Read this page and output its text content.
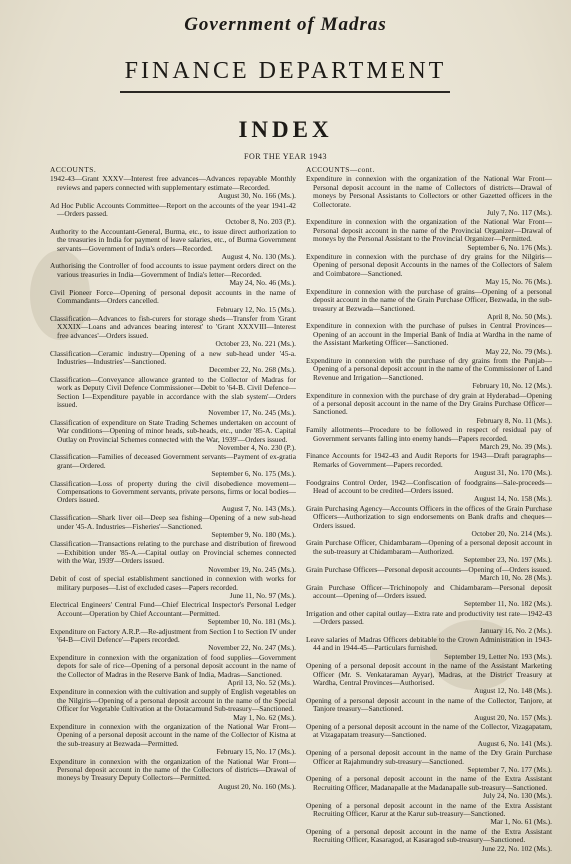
Government of Madras
FINANCE DEPARTMENT
INDEX
FOR THE YEAR 1943
ACCOUNTS.
1942-43—Grant XXXV—Interest free advances—Advances repayable Monthly reviews and papers connected with supplementary estimate—Recorded.
August 30, No. 166 (Ms.).
Ad Hoc Public Accounts Committee—Report on the accounts of the year 1941-42—Orders passed.
October 8, No. 203 (P.).
Authority to the Accountant-General, Burma, etc., to issue direct authorization to the treasuries in India for payment of leave salaries, etc., of Burma Government servants—Government of India's orders—Recorded.
August 4, No. 130 (Ms.).
Authorising the Controller of food accounts to issue payment orders direct on the various treasuries in India—Government of India's letter—Recorded.
May 24, No. 46 (Ms.).
Civil Pioneer Force—Opening of personal deposit accounts in the name of Commandants—Orders cancelled.
February 12, No. 15 (Ms.).
Classification—Advances to fish-curers for storage sheds—Transfer from 'Grant XXXIX—Loans and advances bearing interest' to 'Grant XXXVIII—Interest free advances'—Orders issued.
October 23, No. 221 (Ms.).
Classification—Ceramic industry—Opening of a new sub-head under '45-a. Industries—Industries'—Sanctioned.
December 22, No. 268 (Ms.).
Classification—Conveyance allowance granted to the Collector of Madras for work as Deputy Civil Defence Commissioner—Debit to '64-B. Civil Defence—Section I—Expenditure payable in accordance with the slab system'—Orders issued.
November 17, No. 245 (Ms.).
Classification of expenditure on State Trading Schemes undertaken on account of War conditions—Opening of minor heads, sub-heads, etc., under '85-A. Capital Outlay on Provincial Schemes connected with the War, 1939'—Orders issued.
November 4, No. 230 (P.).
Classification—Families of deceased Government servants—Payment of ex-gratia grant—Ordered.
September 6, No. 175 (Ms.).
Classification—Loss of property during the civil disobedience movement—Compensations to Government servants, private persons, firms or local bodies—Orders issued.
August 7, No. 143 (Ms.).
Classification—Shark liver oil—Deep sea fishing—Opening of a new sub-head under '45-A. Industries—Fisheries'—Sanctioned.
September 9, No. 180 (Ms.).
Classification—Transactions relating to the purchase and distribution of firewood—Exhibition under '85-A.—Capital outlay on Provincial schemes connected with the War, 1939'—Orders issued.
November 19, No. 245 (Ms.).
Debit of cost of special establishment sanctioned in connexion with works for military purposes—List of excluded cases—Papers recorded.
June 11, No. 97 (Ms.).
Electrical Engineers' Central Fund—Chief Electrical Inspector's Personal Ledger Account—Operation by Chief Accountant—Permitted.
September 10, No. 181 (Ms.).
Expenditure on Factory A.R.P.—Re-adjustment from Section I to Section IV under '64-B—Civil Defence'—Papers recorded.
November 22, No. 247 (Ms.).
Expenditure in connexion with the organization of food supplies—Government depots for sale of rice—Opening of a personal deposit account in the name of the Collector of Madras in the Reserve Bank of India, Madras—Sanctioned.
April 13, No. 52 (Ms.).
Expenditure in connexion with the cultivation and supply of English vegetables on the Nilgiris—Opening of a personal deposit account in the name of the Special Officer for Vegetable Cultivation at the Ootacamund Sub-treasury—Sanctioned.
May 1, No. 62 (Ms.).
Expenditure in connexion with the organization of the National War Front—Opening of a personal deposit account in the name of the Collector of Kistna at the sub-treasury at Bezwada—Permitted.
February 15, No. 17 (Ms.).
Expenditure in connexion with the organization of the National War Front—Personal deposit account in the name of the Collectors of districts—Drawal of moneys by Treasury Deputy Collectors—Permitted.
August 20, No. 160 (Ms.).
ACCOUNTS—cont.
Expenditure in connexion with the organization of the National War Front—Personal deposit account in the name of Collectors of districts—Drawal of moneys by Personal Assistants to Collectors or other Gazetted officers in the Collectorate.
July 7, No. 117 (Ms.).
Expenditure in connexion with the organization of the National War Front—Personal deposit account in the name of the Provincial Organizer—Drawal of moneys by the Personal Assistant to the Provincial Organizer—Permitted.
September 6, No. 176 (Ms.).
Expenditure in connexion with the purchase of dry grains for the Nilgiris—Opening of personal deposit Accounts in the names of the Collectors of Salem and Coimbatore—Sanctioned.
May 15, No. 76 (Ms.).
Expenditure in connexion with the purchase of grains—Opening of a personal deposit account in the name of the Grain Purchase Officer, Bezwada, in the sub-treasury at Bezwada—Sanctioned.
April 8, No. 50 (Ms.).
Expenditure in connexion with the purchase of pulses in Central Provinces—Opening of an account in the Imperial Bank of India at Wardha in the name of the Assistant Marketing Officer—Sanctioned.
May 22, No. 79 (Ms.).
Expenditure in connexion with the purchase of dry grains from the Punjab—Opening of a personal deposit account in the name of the Commissioner of Land Revenue and Irrigation—Sanctioned.
February 10, No. 12 (Ms.).
Expenditure in connexion with the purchase of dry grain at Hyderabad—Opening of a personal deposit account in the name of the Dry Grains Purchase Officer—Sanctioned.
February 8, No. 11 (Ms.).
Family allotments—Procedure to be followed in respect of residual pay of Government servants falling into enemy hands—Papers recorded.
March 29, No. 39 (Ms.).
Finance Accounts for 1942-43 and Audit Reports for 1943—Draft paragraphs—Remarks of Government—Papers recorded.
August 31, No. 170 (Ms.).
Foodgrains Control Order, 1942—Confiscation of foodgrains—Sale-proceeds—Head of account to be credited—Orders issued.
August 14, No. 158 (Ms.).
Grain Purchasing Agency—Accounts Officers in the offices of the Grain Purchase Officers—Authorization to sign endorsements on Bank drafts and cheques—Orders issued.
October 20, No. 214 (Ms.).
Grain Purchase Officer, Chidambaram—Opening of a personal deposit account in the sub-treasury at Chidambaram—Authorized.
September 23, No. 197 (Ms.).
Grain Purchase Officers—Personal deposit accounts—Opening of—Orders issued.
March 10, No. 28 (Ms.).
Grain Purchase Officer—Trichinopoly and Chidambaram—Personal deposit account—Opening of—Orders issued.
September 11, No. 182 (Ms.).
Irrigation and other capital outlay—Extra rate and productivity test rate—1942-43—Orders passed.
January 16, No. 2 (Ms.).
Leave salaries of Madras Officers debitable to the Crown Administration in 1943-44 and in 1944-45—Particulars furnished.
September 19, Letter No. 193 (Ms.).
Opening of a personal deposit account in the name of the Assistant Marketing Officer (Mr. S. Venkataraman Ayyar), Madras, at the District Treasury at Wardha, Central Provinces—Authorised.
August 12, No. 148 (Ms.).
Opening of a personal deposit account in the name of the Collector, Tanjore, at Tanjore treasury—Sanctioned.
August 20, No. 157 (Ms.).
Opening of a personal deposit account in the name of the Collector, Vizagapatam, at Vizagapatam treasury—Sanctioned.
August 6, No. 141 (Ms.).
Opening of a personal deposit account in the name of the Dry Grain Purchase Officer at Rajahmundry sub-treasury—Sanctioned.
September 7, No. 177 (Ms.).
Opening of a personal deposit account in the name of the Extra Assistant Recruiting Officer, Madanapalle at the Madanapalle sub-treasury—Sanctioned.
July 24, No. 130 (Ms.).
Opening of a personal deposit account in the name of the Extra Assistant Recruiting Officer, Karur at the Karur sub-treasury—Sanctioned.
Mar 1, No. 61 (Ms.).
Opening of a personal deposit account in the name of the Extra Assistant Recruiting Officer, Kasaragod, at Kasaragod sub-treasury—Sanctioned.
June 22, No. 102 (Ms.).
